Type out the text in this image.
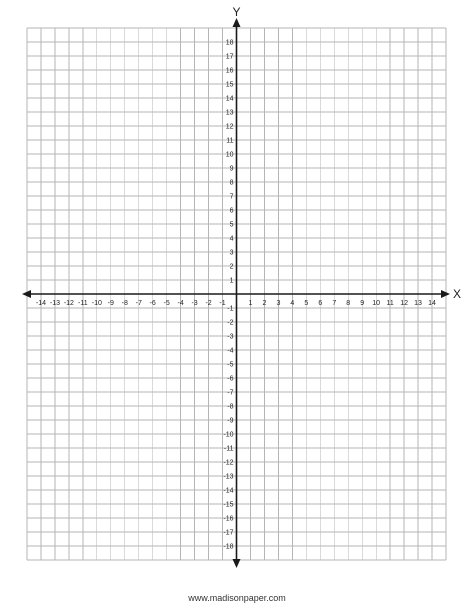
-14 -13 -12 -11 -10 -9 -8 -7 -6 -5 -4 -3 -2 -1	1 2 3 4 5 6 7 8 9 10 11 12 13 14
18
17
16
15
14
13
12
11
10
9
8
7
6
5
4
3
2
1
-1
-2
-3
-4
-5
-6
-7
-8
-9
-10
-11
-12
-13
-14
-15
-16
-17
-18
X
Y
www.madisonpaper.com
